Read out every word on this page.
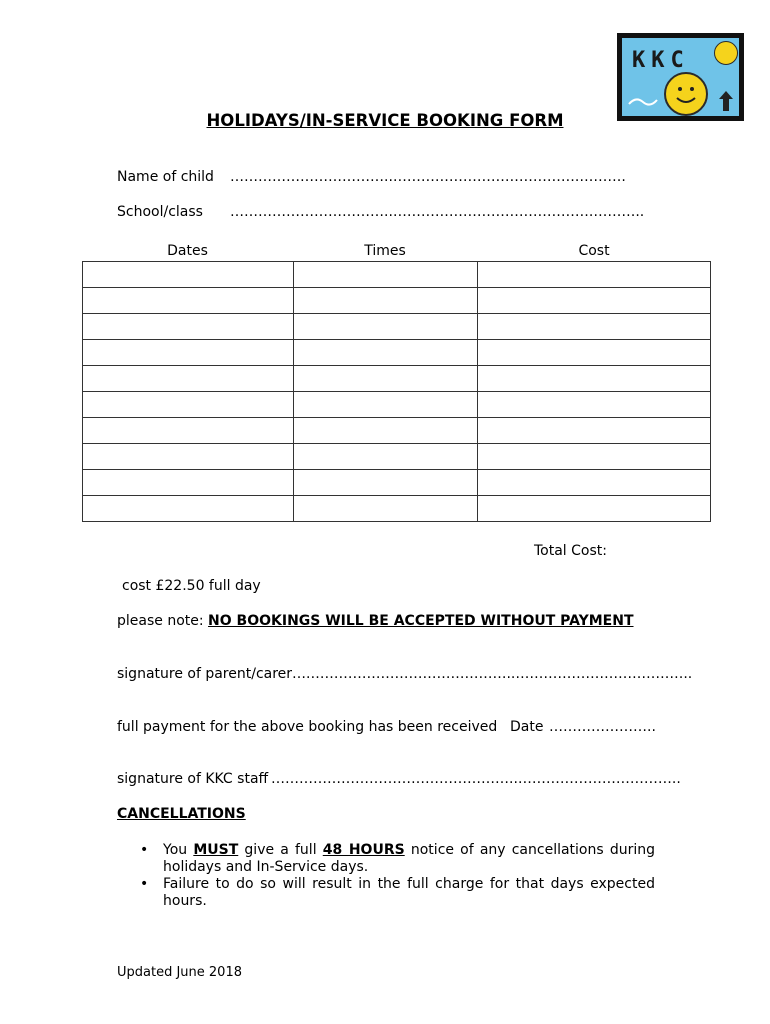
KKC
HOLIDAYS/IN-SERVICE BOOKING FORM
Name of child ……………………………..………………………………….……….
School/class ……………………………..…………………………………….………..
Dates	Times	Cost

Total Cost:
cost £22.50 full day
please note: NO BOOKINGS WILL BE ACCEPTED WITHOUT PAYMENT
signature of parent/carer ….……………………………………..………………………………..
full payment for the above booking has been received Date …………………..
signature of KKC staff ……………………………………………..……………………………..
CANCELLATIONS
• You MUST give a full 48 HOURS notice of any cancellations during holidays and In-Service days.
• Failure to do so will result in the full charge for that days expected hours.
Updated June 2018
